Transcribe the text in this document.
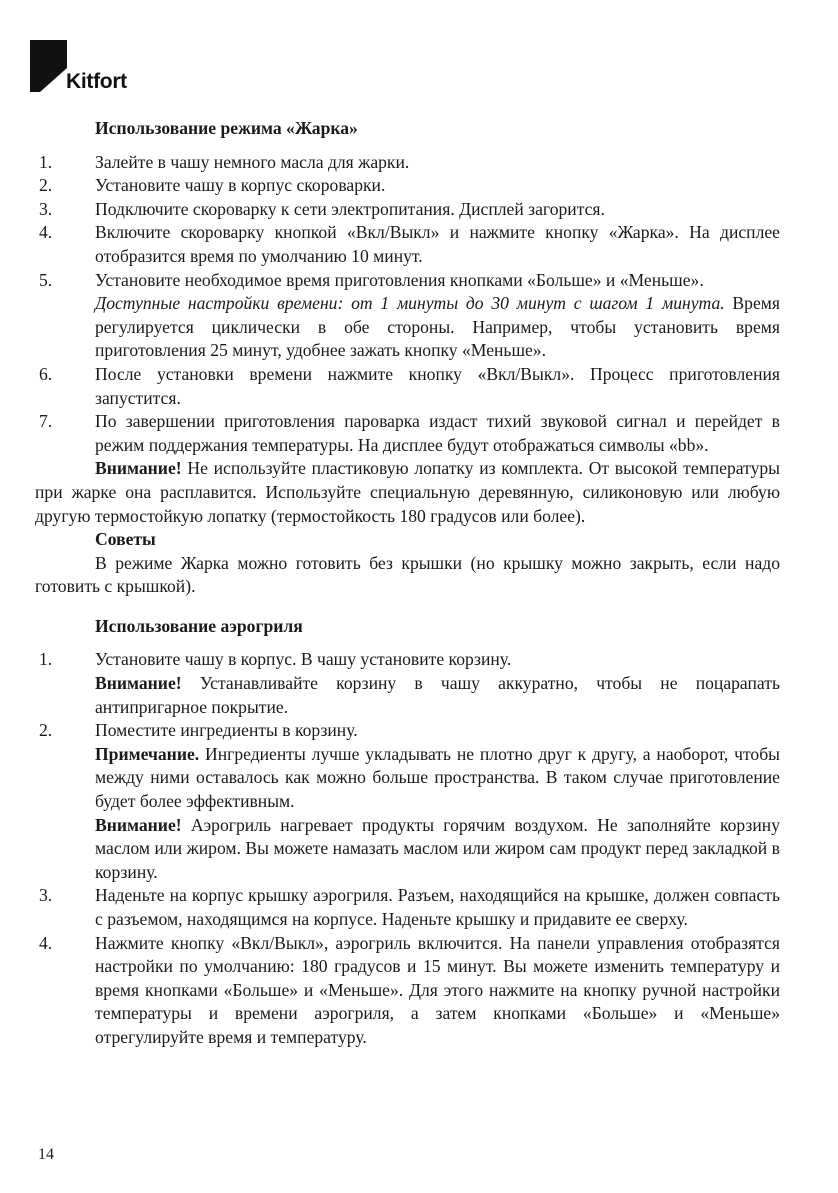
Kitfort
Использование режима «Жарка»
1. Залейте в чашу немного масла для жарки.
2. Установите чашу в корпус скороварки.
3. Подключите скороварку к сети электропитания. Дисплей загорится.
4. Включите скороварку кнопкой «Вкл/Выкл» и нажмите кнопку «Жарка». На дисплее отобразится время по умолчанию 10 минут.
5. Установите необходимое время приготовления кнопками «Больше» и «Меньше».
Доступные настройки времени: от 1 минуты до 30 минут с шагом 1 минута. Время регулируется циклически в обе стороны. Например, чтобы установить время приготовления 25 минут, удобнее зажать кнопку «Меньше».
6. После установки времени нажмите кнопку «Вкл/Выкл». Процесс приготовления запустится.
7. По завершении приготовления пароварка издаст тихий звуковой сигнал и перейдет в режим поддержания температуры. На дисплее будут отображаться символы «bb».

Внимание! Не используйте пластиковую лопатку из комплекта. От высокой температуры при жарке она расплавится. Используйте специальную деревянную, силиконовую или любую другую термостойкую лопатку (термостойкость 180 градусов или более).

Советы

В режиме Жарка можно готовить без крышки (но крышку можно закрыть, если надо готовить с крышкой).

Использование аэрогриля
1. Установите чашу в корпус. В чашу установите корзину.
Внимание! Устанавливайте корзину в чашу аккуратно, чтобы не поцарапать антипригарное покрытие.
2. Поместите ингредиенты в корзину.
Примечание. Ингредиенты лучше укладывать не плотно друг к другу, а наоборот, чтобы между ними оставалось как можно больше пространства. В таком случае приготовление будет более эффективным.
Внимание! Аэрогриль нагревает продукты горячим воздухом. Не заполняйте корзину маслом или жиром. Вы можете намазать маслом или жиром сам продукт перед закладкой в корзину.
3. Наденьте на корпус крышку аэрогриля. Разъем, находящийся на крышке, должен совпасть с разъемом, находящимся на корпусе. Наденьте крышку и придавите ее сверху.
4. Нажмите кнопку «Вкл/Выкл», аэрогриль включится. На панели управления отобразятся настройки по умолчанию: 180 градусов и 15 минут. Вы можете изменить температуру и время кнопками «Больше» и «Меньше». Для этого нажмите на кнопку ручной настройки температуры и времени аэрогриля, а затем кнопками «Больше» и «Меньше» отрегулируйте время и температуру.
14
